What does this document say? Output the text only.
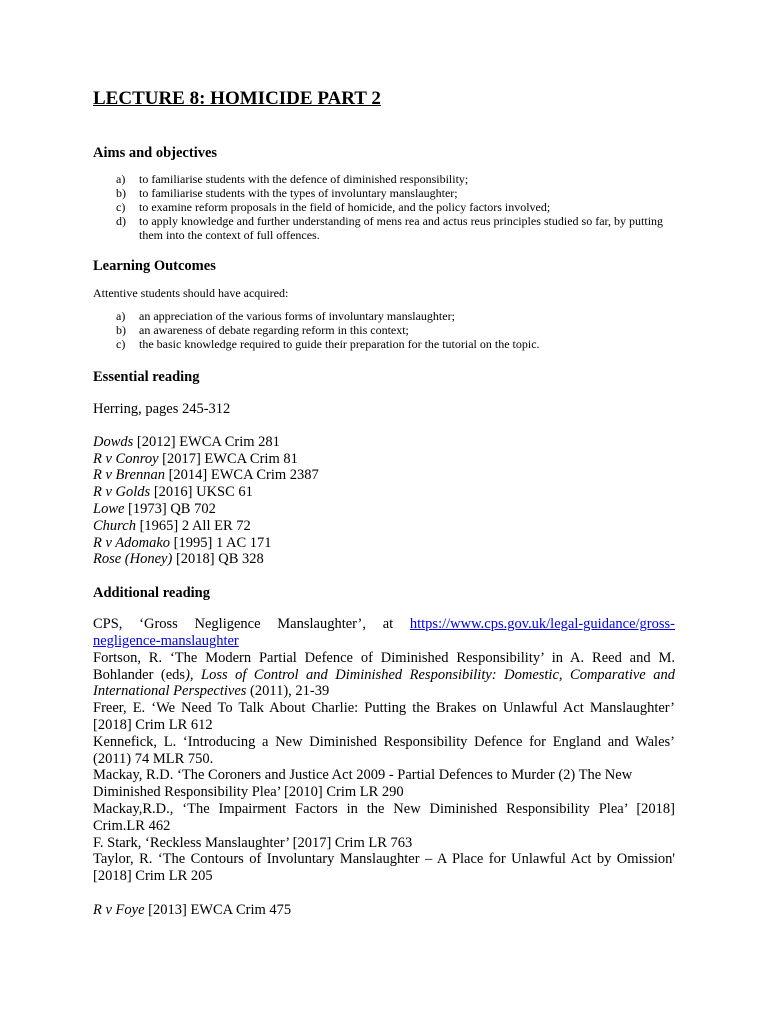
LECTURE 8: HOMICIDE PART 2
Aims and objectives
a) to familiarise students with the defence of diminished responsibility;
b) to familiarise students with the types of involuntary manslaughter;
c) to examine reform proposals in the field of homicide, and the policy factors involved;
d) to apply knowledge and further understanding of mens rea and actus reus principles studied so far, by putting them into the context of full offences.
Learning Outcomes
Attentive students should have acquired:
a) an appreciation of the various forms of involuntary manslaughter;
b) an awareness of debate regarding reform in this context;
c) the basic knowledge required to guide their preparation for the tutorial on the topic.
Essential reading
Herring, pages 245-312

Dowds [2012] EWCA Crim 281

R v Conroy [2017] EWCA Crim 81

R v Brennan [2014] EWCA Crim 2387

R v Golds [2016] UKSC 61

Lowe [1973] QB 702

Church [1965] 2 All ER 72

R v Adomako [1995] 1 AC 171

Rose (Honey) [2018] QB 328

Additional reading

CPS, ‘Gross Negligence Manslaughter’, at https://www.cps.gov.uk/legal-guidance/gross-negligence-manslaughter

Fortson, R. ‘The Modern Partial Defence of Diminished Responsibility’ in A. Reed and M. Bohlander (eds), Loss of Control and Diminished Responsibility: Domestic, Comparative and International Perspectives (2011), 21-39

Freer, E. ‘We Need To Talk About Charlie: Putting the Brakes on Unlawful Act Manslaughter’ [2018] Crim LR 612

Kennefick, L. ‘Introducing a New Diminished Responsibility Defence for England and Wales’ (2011) 74 MLR 750.

Mackay, R.D. ‘The Coroners and Justice Act 2009 - Partial Defences to Murder (2) The New Diminished Responsibility Plea’ [2010] Crim LR 290

Mackay,R.D., ‘The Impairment Factors in the New Diminished Responsibility Plea’ [2018] Crim.LR 462

F. Stark, ‘Reckless Manslaughter’ [2017] Crim LR 763

Taylor, R. ‘The Contours of Involuntary Manslaughter – A Place for Unlawful Act by Omission' [2018] Crim LR 205

R v Foye [2013] EWCA Crim 475
